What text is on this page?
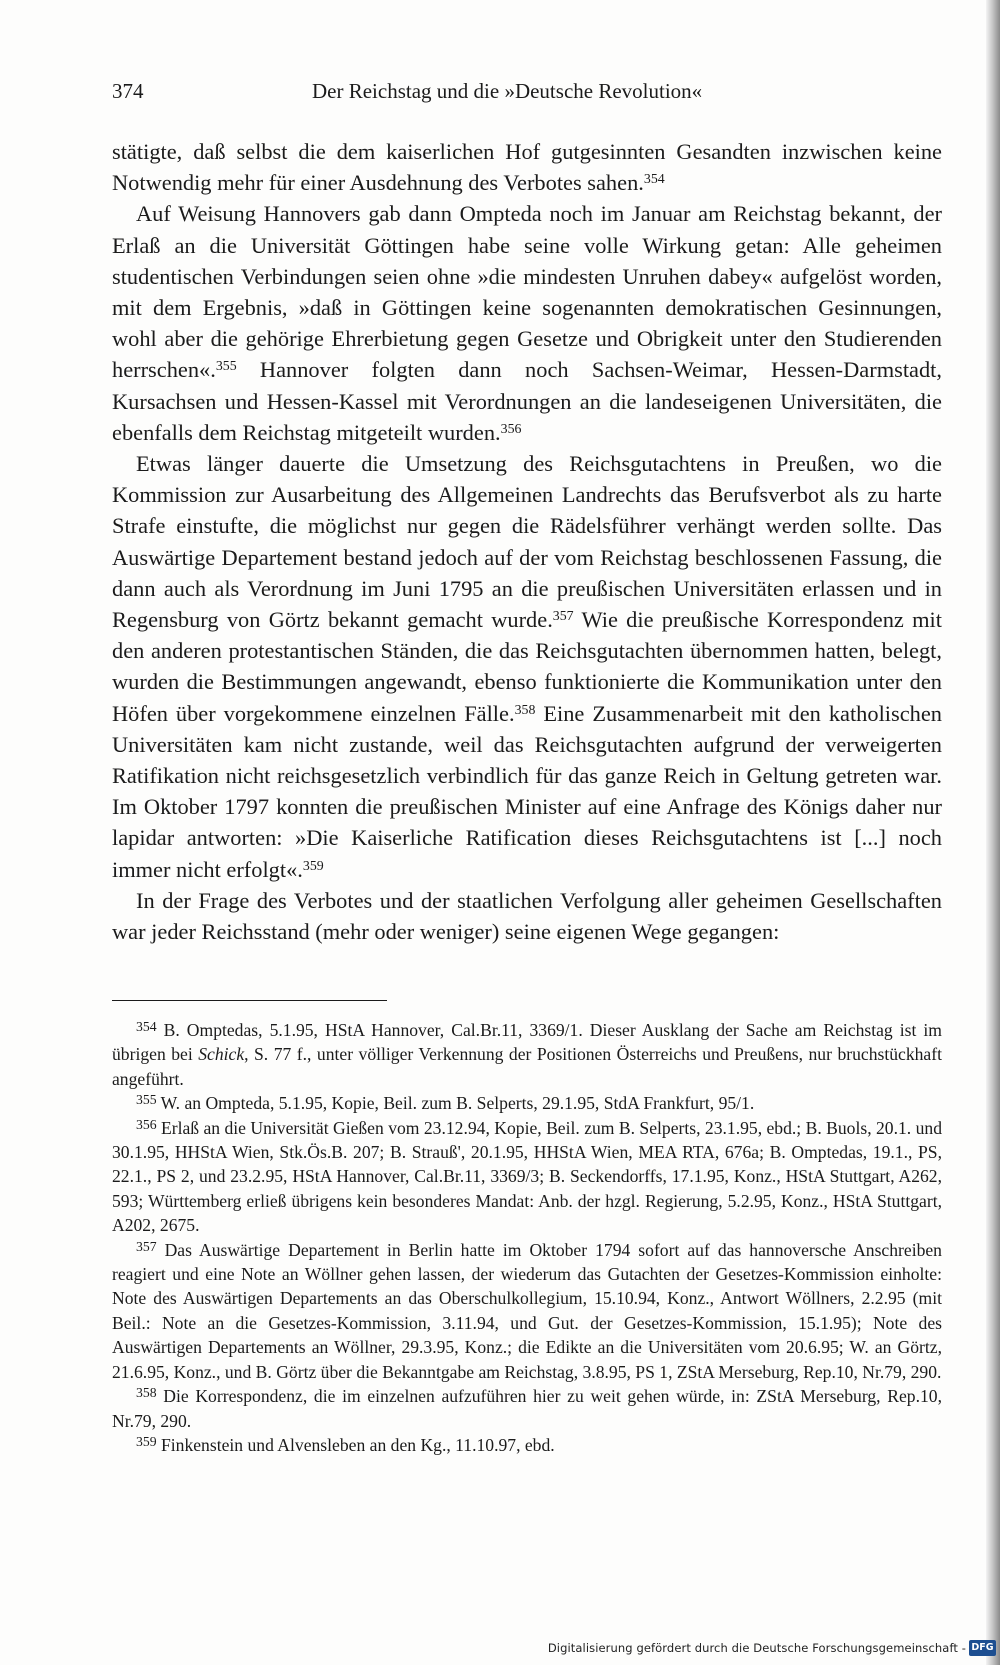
374	Der Reichstag und die »Deutsche Revolution«

stätigte, daß selbst die dem kaiserlichen Hof gutgesinnten Gesandten inzwischen keine Notwendig mehr für einer Ausdehnung des Verbotes sahen.$^{354}$

Auf Weisung Hannovers gab dann Ompteda noch im Januar am Reichstag bekannt, der Erlaß an die Universität Göttingen habe seine volle Wirkung getan: Alle geheimen studentischen Verbindungen seien ohne »die mindesten Unruhen dabey« aufgelöst worden, mit dem Ergebnis, »daß in Göttingen keine sogenannten demokratischen Gesinnungen, wohl aber die gehörige Ehrerbietung gegen Gesetze und Obrigkeit unter den Studierenden herrschen«.$^{355}$ Hannover folgten dann noch Sachsen-Weimar, Hessen-Darmstadt, Kursachsen und Hessen-Kassel mit Verordnungen an die landeseigenen Universitäten, die ebenfalls dem Reichstag mitgeteilt wurden.$^{356}$

Etwas länger dauerte die Umsetzung des Reichsgutachtens in Preußen, wo die Kommission zur Ausarbeitung des Allgemeinen Landrechts das Berufsverbot als zu harte Strafe einstufte, die möglichst nur gegen die Rädelsführer verhängt werden sollte. Das Auswärtige Departement bestand jedoch auf der vom Reichstag beschlossenen Fassung, die dann auch als Verordnung im Juni 1795 an die preußischen Universitäten erlassen und in Regensburg von Görtz bekannt gemacht wurde.$^{357}$ Wie die preußische Korrespondenz mit den anderen protestantischen Ständen, die das Reichsgutachten übernommen hatten, belegt, wurden die Bestimmungen angewandt, ebenso funktionierte die Kommunikation unter den Höfen über vorgekommene einzelnen Fälle.$^{358}$ Eine Zusammenarbeit mit den katholischen Universitäten kam nicht zustande, weil das Reichsgutachten aufgrund der verweigerten Ratifikation nicht reichsgesetzlich verbindlich für das ganze Reich in Geltung getreten war. Im Oktober 1797 konnten die preußischen Minister auf eine Anfrage des Königs daher nur lapidar antworten: »Die Kaiserliche Ratification dieses Reichsgutachtens ist [...] noch immer nicht erfolgt«.$^{359}$

In der Frage des Verbotes und der staatlichen Verfolgung aller geheimen Gesellschaften war jeder Reichsstand (mehr oder weniger) seine eigenen Wege gegangen:

$^{354}$ B. Omptedas, 5.1.95, HStA Hannover, Cal.Br.11, 3369/1. Dieser Ausklang der Sache am Reichstag ist im übrigen bei Schick, S. 77 f., unter völliger Verkennung der Positionen Österreichs und Preußens, nur bruchstückhaft angeführt.

$^{355}$ W. an Ompteda, 5.1.95, Kopie, Beil. zum B. Selperts, 29.1.95, StdA Frankfurt, 95/1.

$^{356}$ Erlaß an die Universität Gießen vom 23.12.94, Kopie, Beil. zum B. Selperts, 23.1.95, ebd.; B. Buols, 20.1. und 30.1.95, HHStA Wien, Stk.Ös.B. 207; B. Strauß', 20.1.95, HHStA Wien, MEA RTA, 676a; B. Omptedas, 19.1., PS, 22.1., PS 2, und 23.2.95, HStA Hannover, Cal.Br.11, 3369/3; B. Seckendorffs, 17.1.95, Konz., HStA Stuttgart, A262, 593; Württemberg erließ übrigens kein besonderes Mandat: Anb. der hzgl. Regierung, 5.2.95, Konz., HStA Stuttgart, A202, 2675.

$^{357}$ Das Auswärtige Departement in Berlin hatte im Oktober 1794 sofort auf das hannoversche Anschreiben reagiert und eine Note an Wöllner gehen lassen, der wiederum das Gutachten der Gesetzes-Kommission einholte: Note des Auswärtigen Departements an das Oberschulkollegium, 15.10.94, Konz., Antwort Wöllners, 2.2.95 (mit Beil.: Note an die Gesetzes-Kommission, 3.11.94, und Gut. der Gesetzes-Kommission, 15.1.95); Note des Auswärtigen Departements an Wöllner, 29.3.95, Konz.; die Edikte an die Universitäten vom 20.6.95; W. an Görtz, 21.6.95, Konz., und B. Görtz über die Bekanntgabe am Reichstag, 3.8.95, PS 1, ZStA Merseburg, Rep.10, Nr.79, 290.

$^{358}$ Die Korrespondenz, die im einzelnen aufzuführen hier zu weit gehen würde, in: ZStA Merseburg, Rep.10, Nr.79, 290.

$^{359}$ Finkenstein und Alvensleben an den Kg., 11.10.97, ebd.

Digitalisierung gefördert durch die Deutsche Forschungsgemeinschaft - DFG
